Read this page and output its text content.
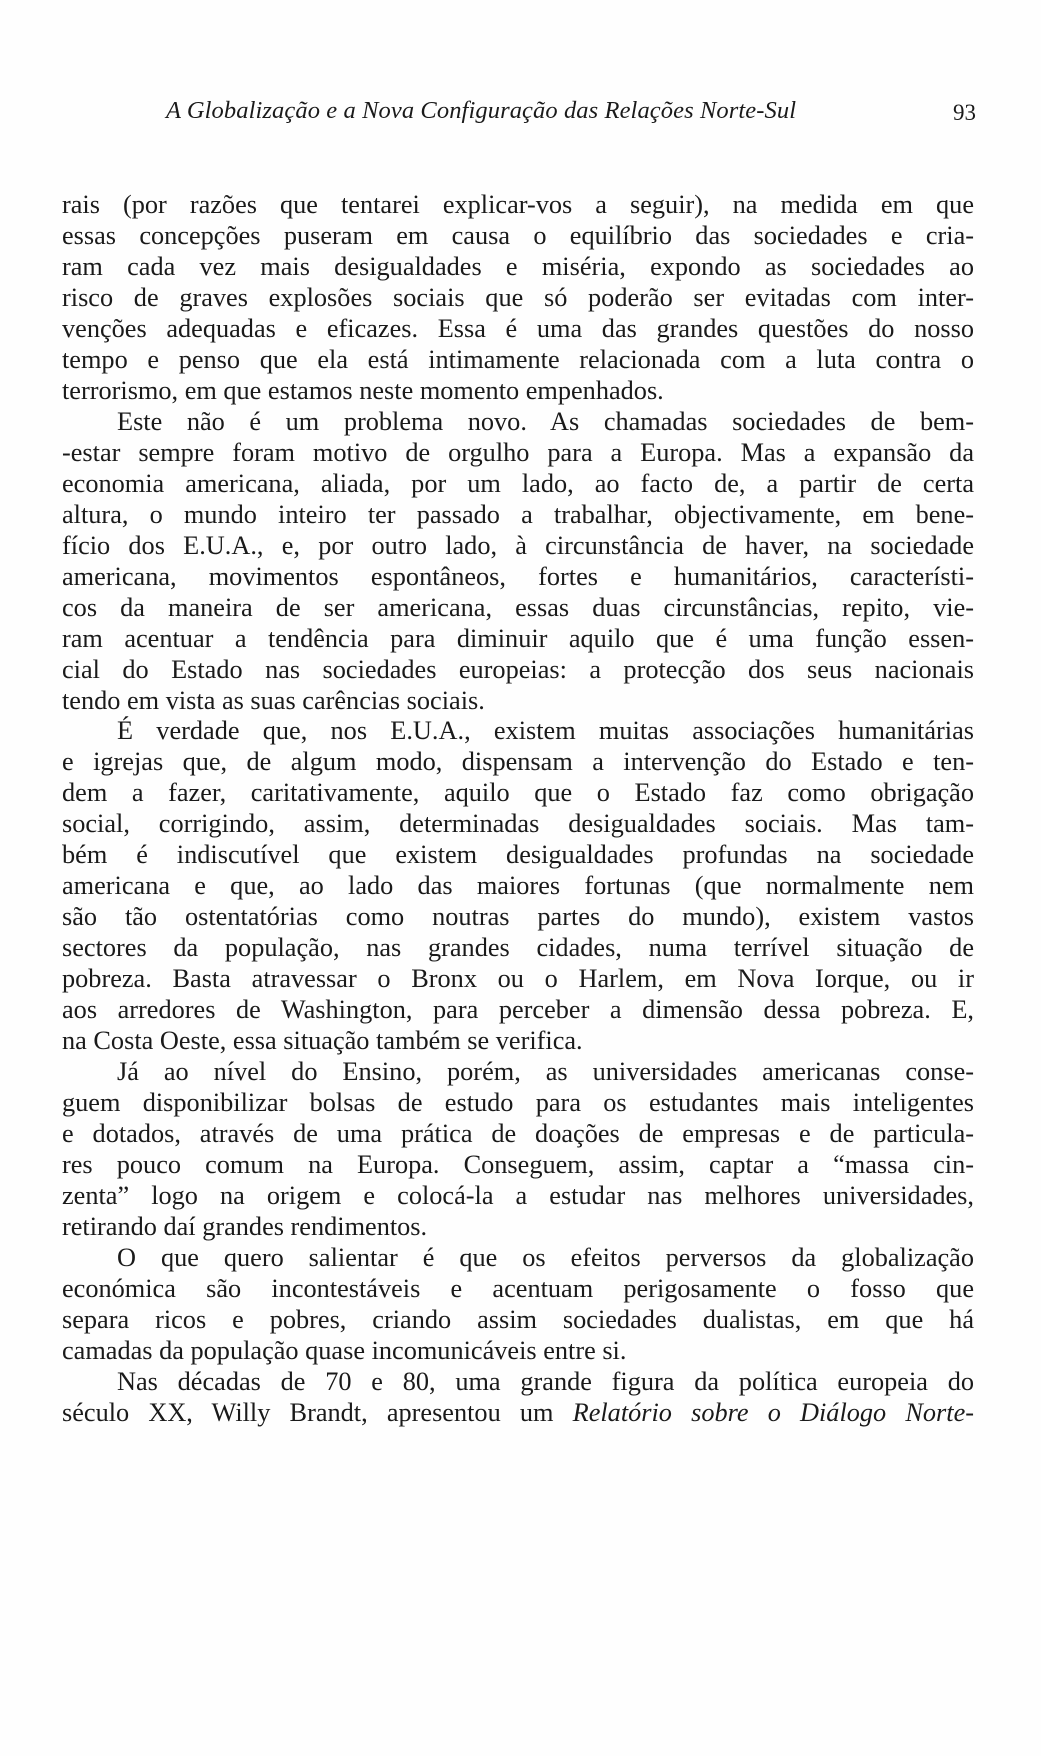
A Globalização e a Nova Configuração das Relações Norte-Sul	93
rais (por razões que tentarei explicar-vos a seguir), na medida em que
essas concepções puseram em causa o equilíbrio das sociedades e cria-
ram cada vez mais desigualdades e miséria, expondo as sociedades ao
risco de graves explosões sociais que só poderão ser evitadas com inter-
venções adequadas e eficazes. Essa é uma das grandes questões do nosso
tempo e penso que ela está intimamente relacionada com a luta contra o
terrorismo, em que estamos neste momento empenhados.
Este não é um problema novo. As chamadas sociedades de bem-
-estar sempre foram motivo de orgulho para a Europa. Mas a expansão da
economia americana, aliada, por um lado, ao facto de, a partir de certa
altura, o mundo inteiro ter passado a trabalhar, objectivamente, em bene-
fício dos E.U.A., e, por outro lado, à circunstância de haver, na sociedade
americana, movimentos espontâneos, fortes e humanitários, característi-
cos da maneira de ser americana, essas duas circunstâncias, repito, vie-
ram acentuar a tendência para diminuir aquilo que é uma função essen-
cial do Estado nas sociedades europeias: a protecção dos seus nacionais
tendo em vista as suas carências sociais.
É verdade que, nos E.U.A., existem muitas associações humanitárias
e igrejas que, de algum modo, dispensam a intervenção do Estado e ten-
dem a fazer, caritativamente, aquilo que o Estado faz como obrigação
social, corrigindo, assim, determinadas desigualdades sociais. Mas tam-
bém é indiscutível que existem desigualdades profundas na sociedade
americana e que, ao lado das maiores fortunas (que normalmente nem
são tão ostentatórias como noutras partes do mundo), existem vastos
sectores da população, nas grandes cidades, numa terrível situação de
pobreza. Basta atravessar o Bronx ou o Harlem, em Nova Iorque, ou ir
aos arredores de Washington, para perceber a dimensão dessa pobreza. E,
na Costa Oeste, essa situação também se verifica.
Já ao nível do Ensino, porém, as universidades americanas conse-
guem disponibilizar bolsas de estudo para os estudantes mais inteligentes
e dotados, através de uma prática de doações de empresas e de particula-
res pouco comum na Europa. Conseguem, assim, captar a “massa cin-
zenta” logo na origem e colocá-la a estudar nas melhores universidades,
retirando daí grandes rendimentos.
O que quero salientar é que os efeitos perversos da globalização
económica são incontestáveis e acentuam perigosamente o fosso que
separa ricos e pobres, criando assim sociedades dualistas, em que há
camadas da população quase incomunicáveis entre si.
Nas décadas de 70 e 80, uma grande figura da política europeia do
século XX, Willy Brandt, apresentou um Relatório sobre o Diálogo Norte-
